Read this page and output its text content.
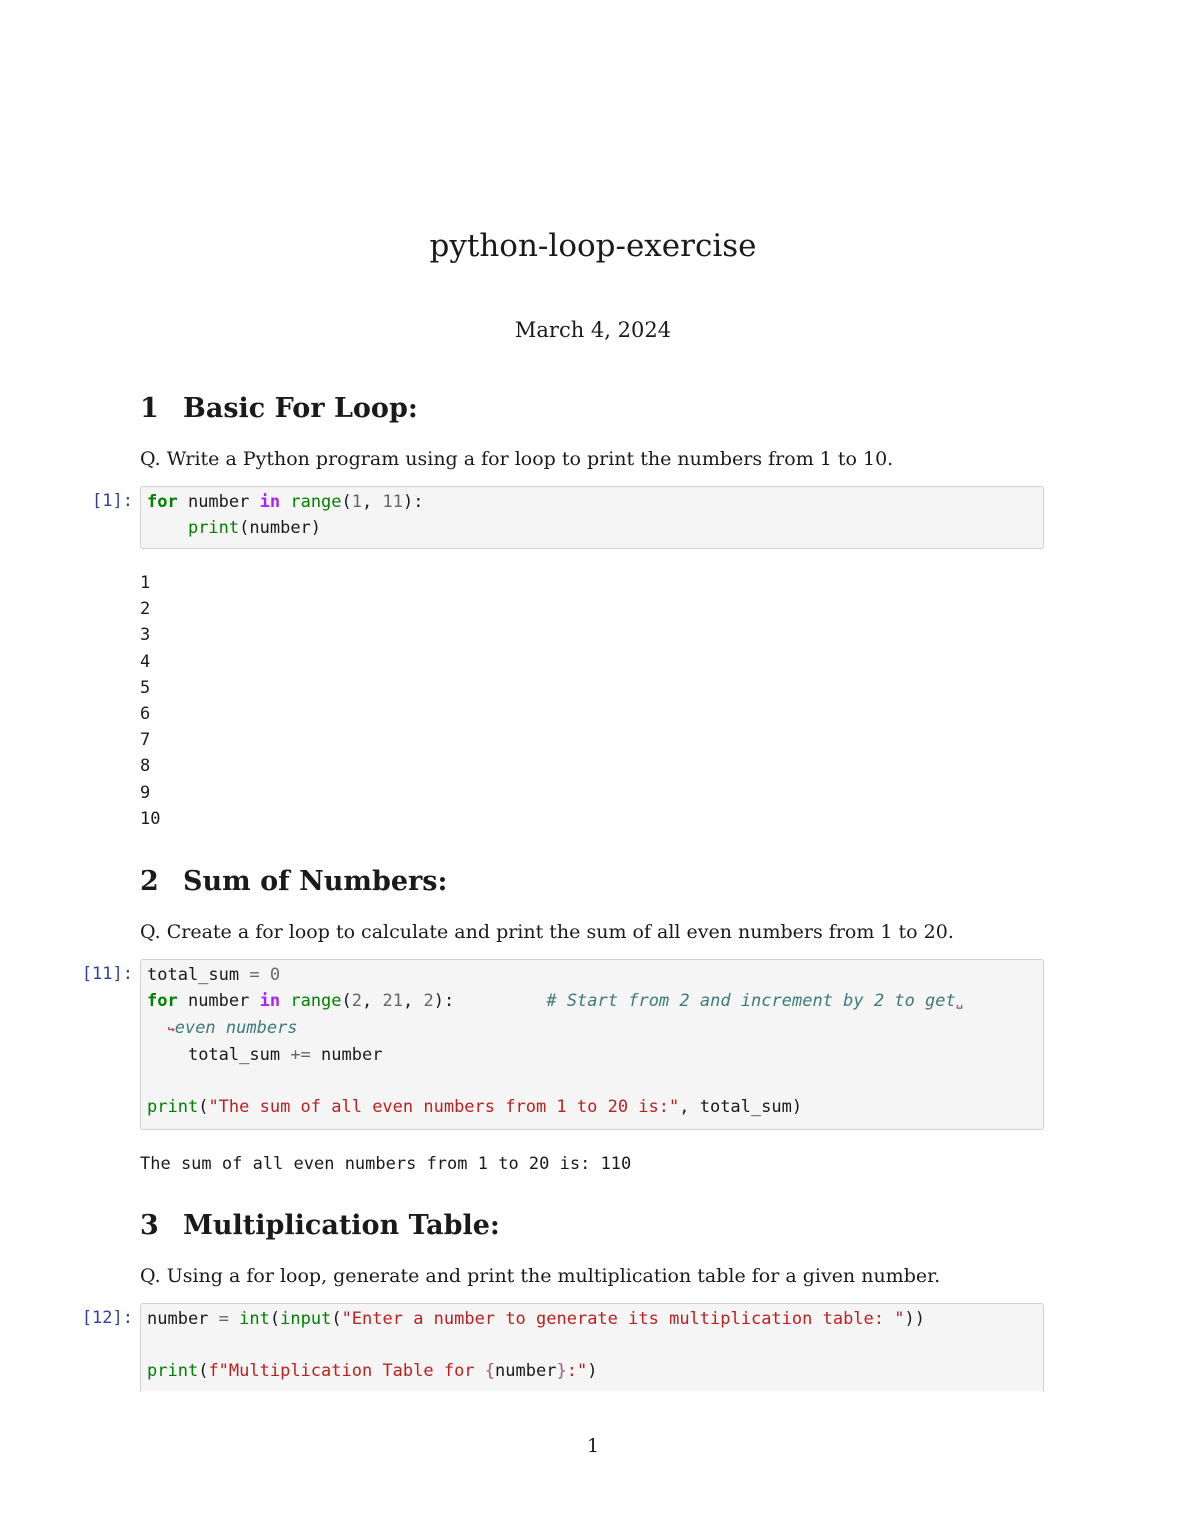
python-loop-exercise
March 4, 2024
1 Basic For Loop:
Q. Write a Python program using a for loop to print the numbers from 1 to 10.
[1]: for number in range(1, 11):
print(number)
1
2
3
4
5
6
7
8
9
10
2 Sum of Numbers:
Q. Create a for loop to calculate and print the sum of all even numbers from 1 to 20.
[11]: total_sum = 0
for number in range(2, 21, 2):	# Start from 2 and increment by 2 to get␣
↪even numbers
total_sum += number

print("The sum of all even numbers from 1 to 20 is:", total_sum)
The sum of all even numbers from 1 to 20 is: 110
3 Multiplication Table:
Q. Using a for loop, generate and print the multiplication table for a given number.
[12]: number = int(input("Enter a number to generate its multiplication table: "))

print(f"Multiplication Table for {number}:")
1
